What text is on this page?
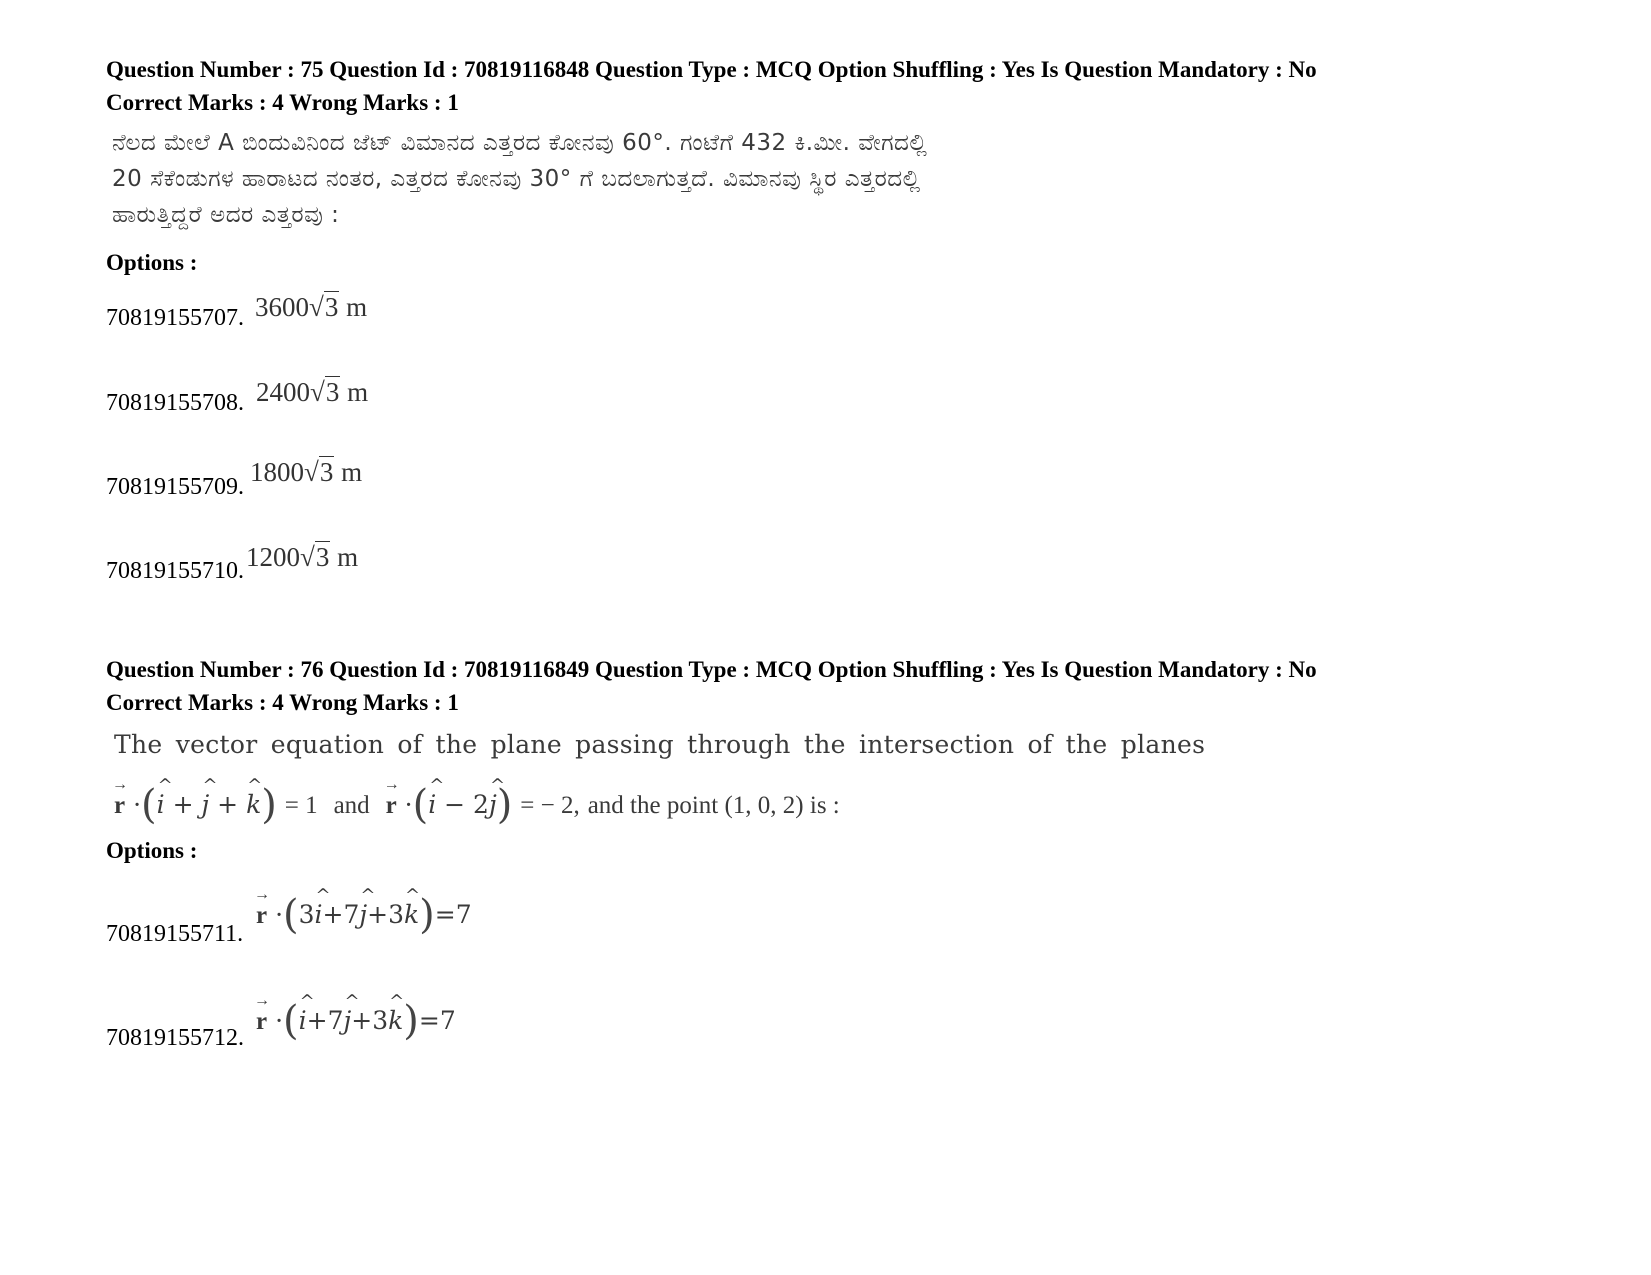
Question Number : 75 Question Id : 70819116848 Question Type : MCQ Option Shuffling : Yes Is Question Mandatory : No
Correct Marks : 4 Wrong Marks : 1
ನೆಲದ ಮೇಲೆ A ಬಿಂದುವಿನಿಂದ ಜೆಟ್ ವಿಮಾನದ ಎತ್ತರದ ಕೋನವು 60°. ಗಂಟೆಗೆ 432 ಕಿ.ಮೀ. ವೇಗದಲ್ಲಿ
20 ಸೆಕೆಂಡುಗಳ ಹಾರಾಟದ ನಂತರ, ಎತ್ತರದ ಕೋನವು 30° ಗೆ ಬದಲಾಗುತ್ತದೆ. ವಿಮಾನವು ಸ್ಥಿರ ಎತ್ತರದಲ್ಲಿ
ಹಾರುತ್ತಿದ್ದರೆ ಅದರ ಎತ್ತರವು :
Options :
70819155707. 3600√3 m
70819155708. 2400√3 m
70819155709. 1800√3 m
70819155710. 1200√3 m
Question Number : 76 Question Id : 70819116849 Question Type : MCQ Option Shuffling : Yes Is Question Mandatory : No
Correct Marks : 4 Wrong Marks : 1
The vector equation of the plane passing through the intersection of the planes
→ r ·(^ i + ^ j + ^ k) = 1 and  → r ·(^ i − 2^ j) = − 2, and the point (1, 0, 2) is :
Options :
70819155711.
→ r ·(3^ i+7^ j+3^ k)=7
70819155712.
→ r ·(^ i+7^ j+3^ k)=7
